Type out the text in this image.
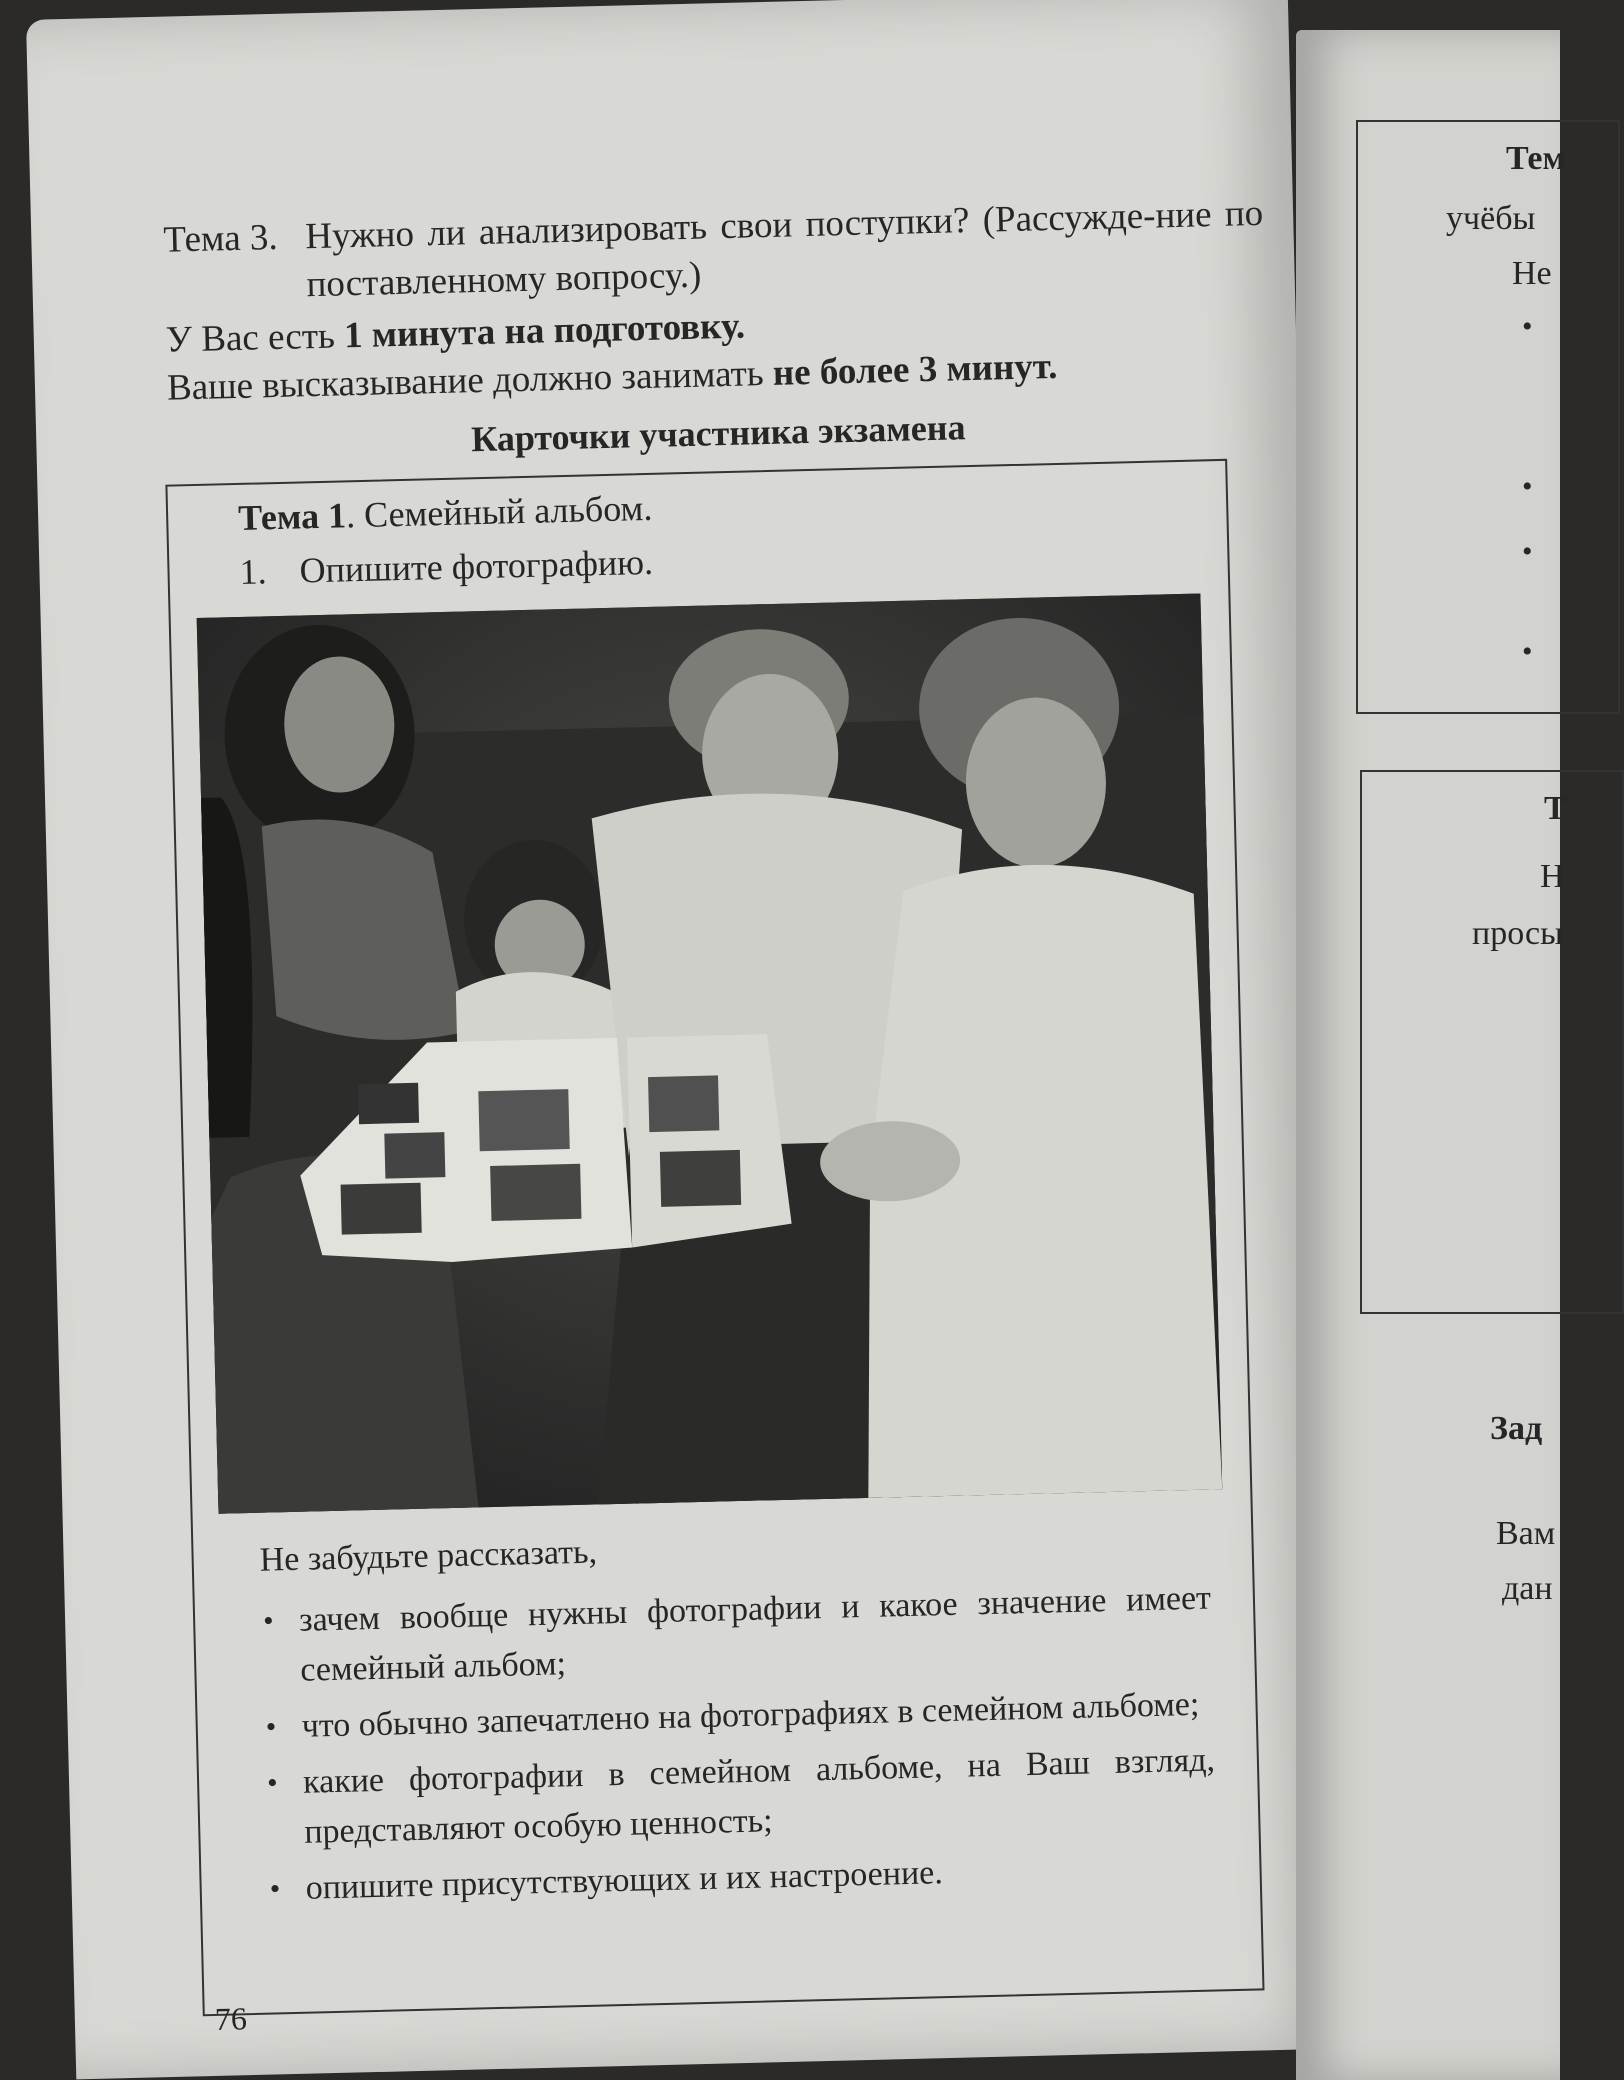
Тема 3. Нужно ли анализировать свои поступки? (Рассужде-ние по поставленному вопросу.)
У Вас есть 1 минута на подготовку.
Ваше высказывание должно занимать не более 3 минут.
Карточки участника экзамена
Тема 1. Семейный альбом.
1. Опишите фотографию.
Не забудьте рассказать,
• зачем вообще нужны фотографии и какое значение имеет семейный альбом;
• что обычно запечатлено на фотографиях в семейном альбоме;
• какие фотографии в семейном альбоме, на Ваш взгляд, представляют особую ценность;
• опишите присутствующих и их настроение.
76
Тем
учёбы
Не
•
•
•
•
Т
Н
просы
Зад
Вам
дан
